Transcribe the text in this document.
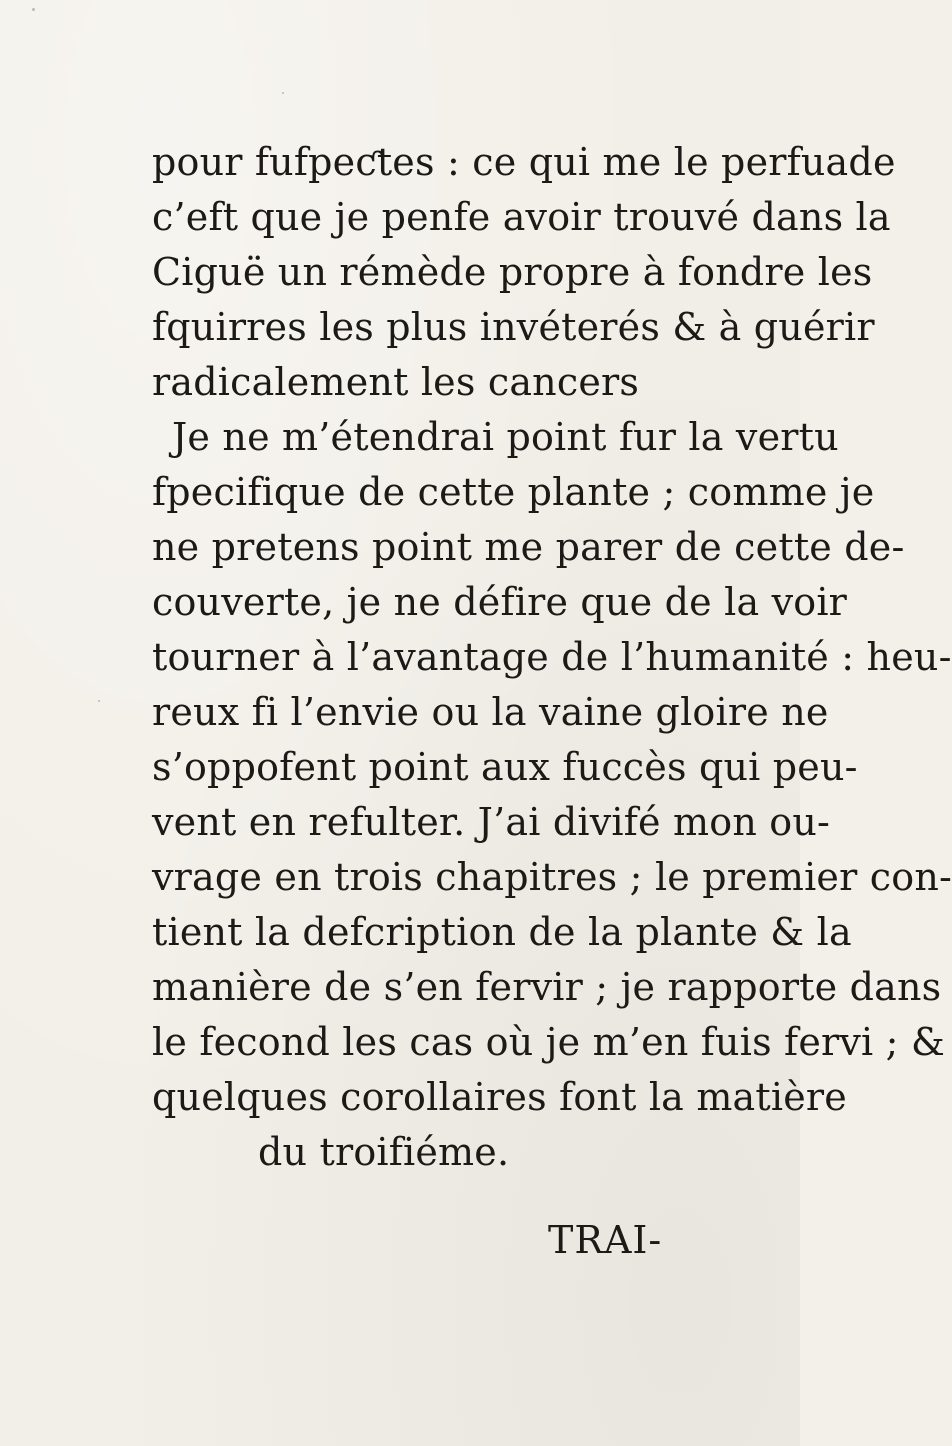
pour fufpeƈtes : ce qui me le perfuade
c’eft que je penfe avoir trouvé dans la
Ciguë un rémède propre à fondre les
fquirres les plus invéterés & à guérir
radicalement les cancers
Je ne m’étendrai point fur la vertu
fpecifique de cette plante ; comme je
ne pretens point me parer de cette de-
couverte, je ne défire que de la voir
tourner à l’avantage de l’humanité : heu-
reux fi l’envie ou la vaine gloire ne
s’oppofent point aux fuccès qui peu-
vent en refulter. J’ai divifé mon ou-
vrage en trois chapitres ; le premier con-
tient la defcription de la plante & la
manière de s’en fervir ; je rapporte dans
le fecond les cas où je m’en fuis fervi ; &
quelques corollaires font la matière
du troifiéme.
TRAI-
